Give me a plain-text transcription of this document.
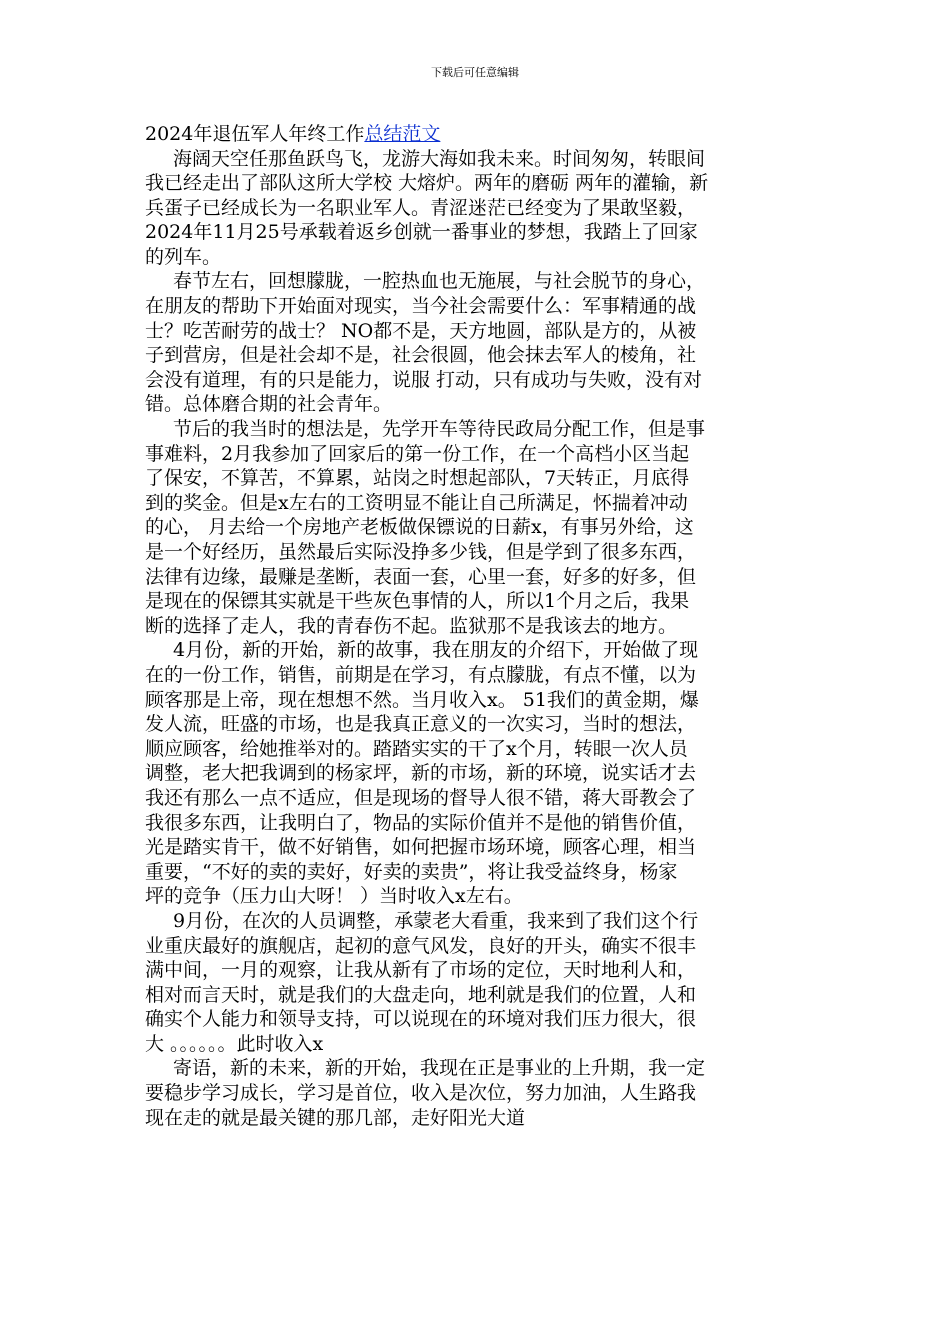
下载后可任意编辑
2024年退伍军人年终工作总结范文

海阔天空任那鱼跃鸟飞，龙游大海如我未来。时间匆匆，转眼间
我已经走出了部队这所大学校 大熔炉。两年的磨砺 两年的灌输，新
兵蛋子已经成长为一名职业军人。青涩迷茫已经变为了果敢坚毅，
2024年11月25号承载着返乡创就一番事业的梦想，我踏上了回家
的列车。

春节左右，回想朦胧，一腔热血也无施展，与社会脱节的身心，
在朋友的帮助下开始面对现实，当今社会需要什么：军事精通的战
士？吃苦耐劳的战士？ NO都不是，天方地圆，部队是方的，从被
子到营房，但是社会却不是，社会很圆，他会抹去军人的棱角，社
会没有道理，有的只是能力，说服 打动，只有成功与失败，没有对
错。总体磨合期的社会青年。

节后的我当时的想法是，先学开车等待民政局分配工作，但是事
事难料，2月我参加了回家后的第一份工作，在一个高档小区当起
了保安，不算苦，不算累，站岗之时想起部队，7天转正，月底得
到的奖金。但是x左右的工资明显不能让自己所满足，怀揣着冲动
的心， 月去给一个房地产老板做保镖说的日薪x，有事另外给，这
是一个好经历，虽然最后实际没挣多少钱，但是学到了很多东西，
法律有边缘，最赚是垄断，表面一套，心里一套，好多的好多，但
是现在的保镖其实就是干些灰色事情的人，所以1个月之后，我果
断的选择了走人，我的青春伤不起。监狱那不是我该去的地方。

4月份，新的开始，新的故事，我在朋友的介绍下，开始做了现
在的一份工作，销售，前期是在学习，有点朦胧，有点不懂，以为
顾客那是上帝，现在想想不然。当月收入x。 51我们的黄金期，爆
发人流，旺盛的市场，也是我真正意义的一次实习，当时的想法，
顺应顾客，给她推举对的。踏踏实实的干了x个月，转眼一次人员
调整，老大把我调到的杨家坪，新的市场，新的环境，说实话才去
我还有那么一点不适应，但是现场的督导人很不错，蒋大哥教会了
我很多东西，让我明白了，物品的实际价值并不是他的销售价值，
光是踏实肯干，做不好销售，如何把握市场环境，顾客心理，相当
重要，“不好的卖的卖好，好卖的卖贵”，将让我受益终身，杨家
坪的竞争（压力山大呀！ ）当时收入x左右。

9月份，在次的人员调整，承蒙老大看重，我来到了我们这个行
业重庆最好的旗舰店，起初的意气风发，良好的开头，确实不很丰
满中间，一月的观察，让我从新有了市场的定位，天时地利人和，
相对而言天时，就是我们的大盘走向，地利就是我们的位置，人和
确实个人能力和领导支持，可以说现在的环境对我们压力很大，很
大 。。。。。。此时收入x

寄语，新的未来，新的开始，我现在正是事业的上升期，我一定
要稳步学习成长，学习是首位，收入是次位，努力加油，人生路我
现在走的就是最关键的那几部，走好阳光大道
